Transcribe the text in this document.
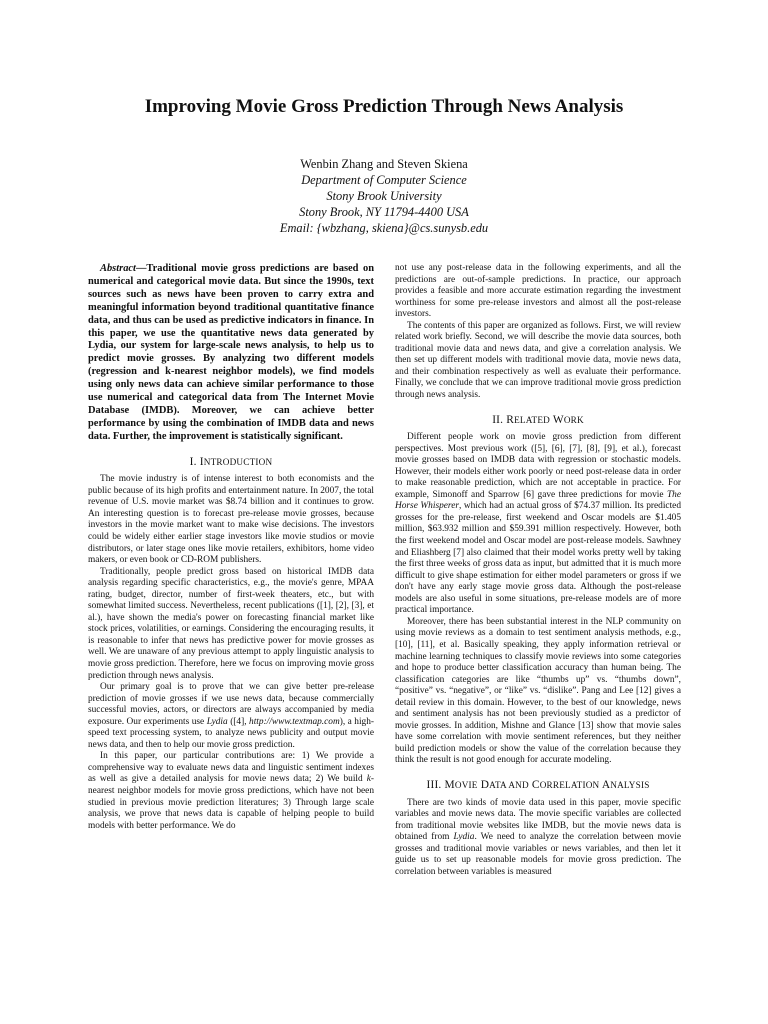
Improving Movie Gross Prediction Through News Analysis
Wenbin Zhang and Steven Skiena
Department of Computer Science
Stony Brook University
Stony Brook, NY 11794-4400 USA
Email: {wbzhang, skiena}@cs.sunysb.edu

Abstract—Traditional movie gross predictions are based on numerical and categorical movie data. But since the 1990s, text sources such as news have been proven to carry extra and meaningful information beyond traditional quantitative finance data, and thus can be used as predictive indicators in finance. In this paper, we use the quantitative news data generated by Lydia, our system for large-scale news analysis, to help us to predict movie grosses. By analyzing two different models (regression and k-nearest neighbor models), we find models using only news data can achieve similar performance to those use numerical and categorical data from The Internet Movie Database (IMDB). Moreover, we can achieve better performance by using the combination of IMDB data and news data. Further, the improvement is statistically significant.

I. INTRODUCTION

The movie industry is of intense interest to both economists and the public because of its high profits and entertainment nature. In 2007, the total revenue of U.S. movie market was $8.74 billion and it continues to grow. An interesting question is to forecast pre-release movie grosses, because investors in the movie market want to make wise decisions. The investors could be widely either earlier stage investors like movie studios or movie distributors, or later stage ones like movie retailers, exhibitors, home video makers, or even book or CD-ROM publishers.

Traditionally, people predict gross based on historical IMDB data analysis regarding specific characteristics, e.g., the movie's genre, MPAA rating, budget, director, number of first-week theaters, etc., but with somewhat limited success. Nevertheless, recent publications ([1], [2], [3], et al.), have shown the media's power on forecasting financial market like stock prices, volatilities, or earnings. Considering the encouraging results, it is reasonable to infer that news has predictive power for movie grosses as well. We are unaware of any previous attempt to apply linguistic analysis to movie gross prediction. Therefore, here we focus on improving movie gross prediction through news analysis.

Our primary goal is to prove that we can give better pre-release prediction of movie grosses if we use news data, because commercially successful movies, actors, or directors are always accompanied by media exposure. Our experiments use Lydia ([4], http://www.textmap.com), a high-speed text processing system, to analyze news publicity and output movie news data, and then to help our movie gross prediction.

In this paper, our particular contributions are: 1) We provide a comprehensive way to evaluate news data and linguistic sentiment indexes as well as give a detailed analysis for movie news data; 2) We build k-nearest neighbor models for movie gross predictions, which have not been studied in previous movie prediction literatures; 3) Through large scale analysis, we prove that news data is capable of helping people to build models with better performance. We do

not use any post-release data in the following experiments, and all the predictions are out-of-sample predictions. In practice, our approach provides a feasible and more accurate estimation regarding the investment worthiness for some pre-release investors and almost all the post-release investors.

The contents of this paper are organized as follows. First, we will review related work briefly. Second, we will describe the movie data sources, both traditional movie data and news data, and give a correlation analysis. We then set up different models with traditional movie data, movie news data, and their combination respectively as well as evaluate their performance. Finally, we conclude that we can improve traditional movie gross prediction through news analysis.

II. RELATED WORK

Different people work on movie gross prediction from different perspectives. Most previous work ([5], [6], [7], [8], [9], et al.), forecast movie grosses based on IMDB data with regression or stochastic models. However, their models either work poorly or need post-release data in order to make reasonable prediction, which are not acceptable in practice. For example, Simonoff and Sparrow [6] gave three predictions for movie The Horse Whisperer, which had an actual gross of $74.37 million. Its predicted grosses for the pre-release, first weekend and Oscar models are $1.405 million, $63.932 million and $59.391 million respectively. However, both the first weekend model and Oscar model are post-release models. Sawhney and Eliashberg [7] also claimed that their model works pretty well by taking the first three weeks of gross data as input, but admitted that it is much more difficult to give shape estimation for either model parameters or gross if we don't have any early stage movie gross data. Although the post-release models are also useful in some situations, pre-release models are of more practical importance.

Moreover, there has been substantial interest in the NLP community on using movie reviews as a domain to test sentiment analysis methods, e.g., [10], [11], et al. Basically speaking, they apply information retrieval or machine learning techniques to classify movie reviews into some categories and hope to produce better classification accuracy than human being. The classification categories are like “thumbs up” vs. “thumbs down”, “positive” vs. “negative”, or “like” vs. “dislike”. Pang and Lee [12] gives a detail review in this domain. However, to the best of our knowledge, news and sentiment analysis has not been previously studied as a predictor of movie grosses. In addition, Mishne and Glance [13] show that movie sales have some correlation with movie sentiment references, but they neither build prediction models or show the value of the correlation because they think the result is not good enough for accurate modeling.

III. MOVIE DATA AND CORRELATION ANALYSIS

There are two kinds of movie data used in this paper, movie specific variables and movie news data. The movie specific variables are collected from traditional movie websites like IMDB, but the movie news data is obtained from Lydia. We need to analyze the correlation between movie grosses and traditional movie variables or news variables, and then let it guide us to set up reasonable models for movie gross prediction. The correlation between variables is measured
